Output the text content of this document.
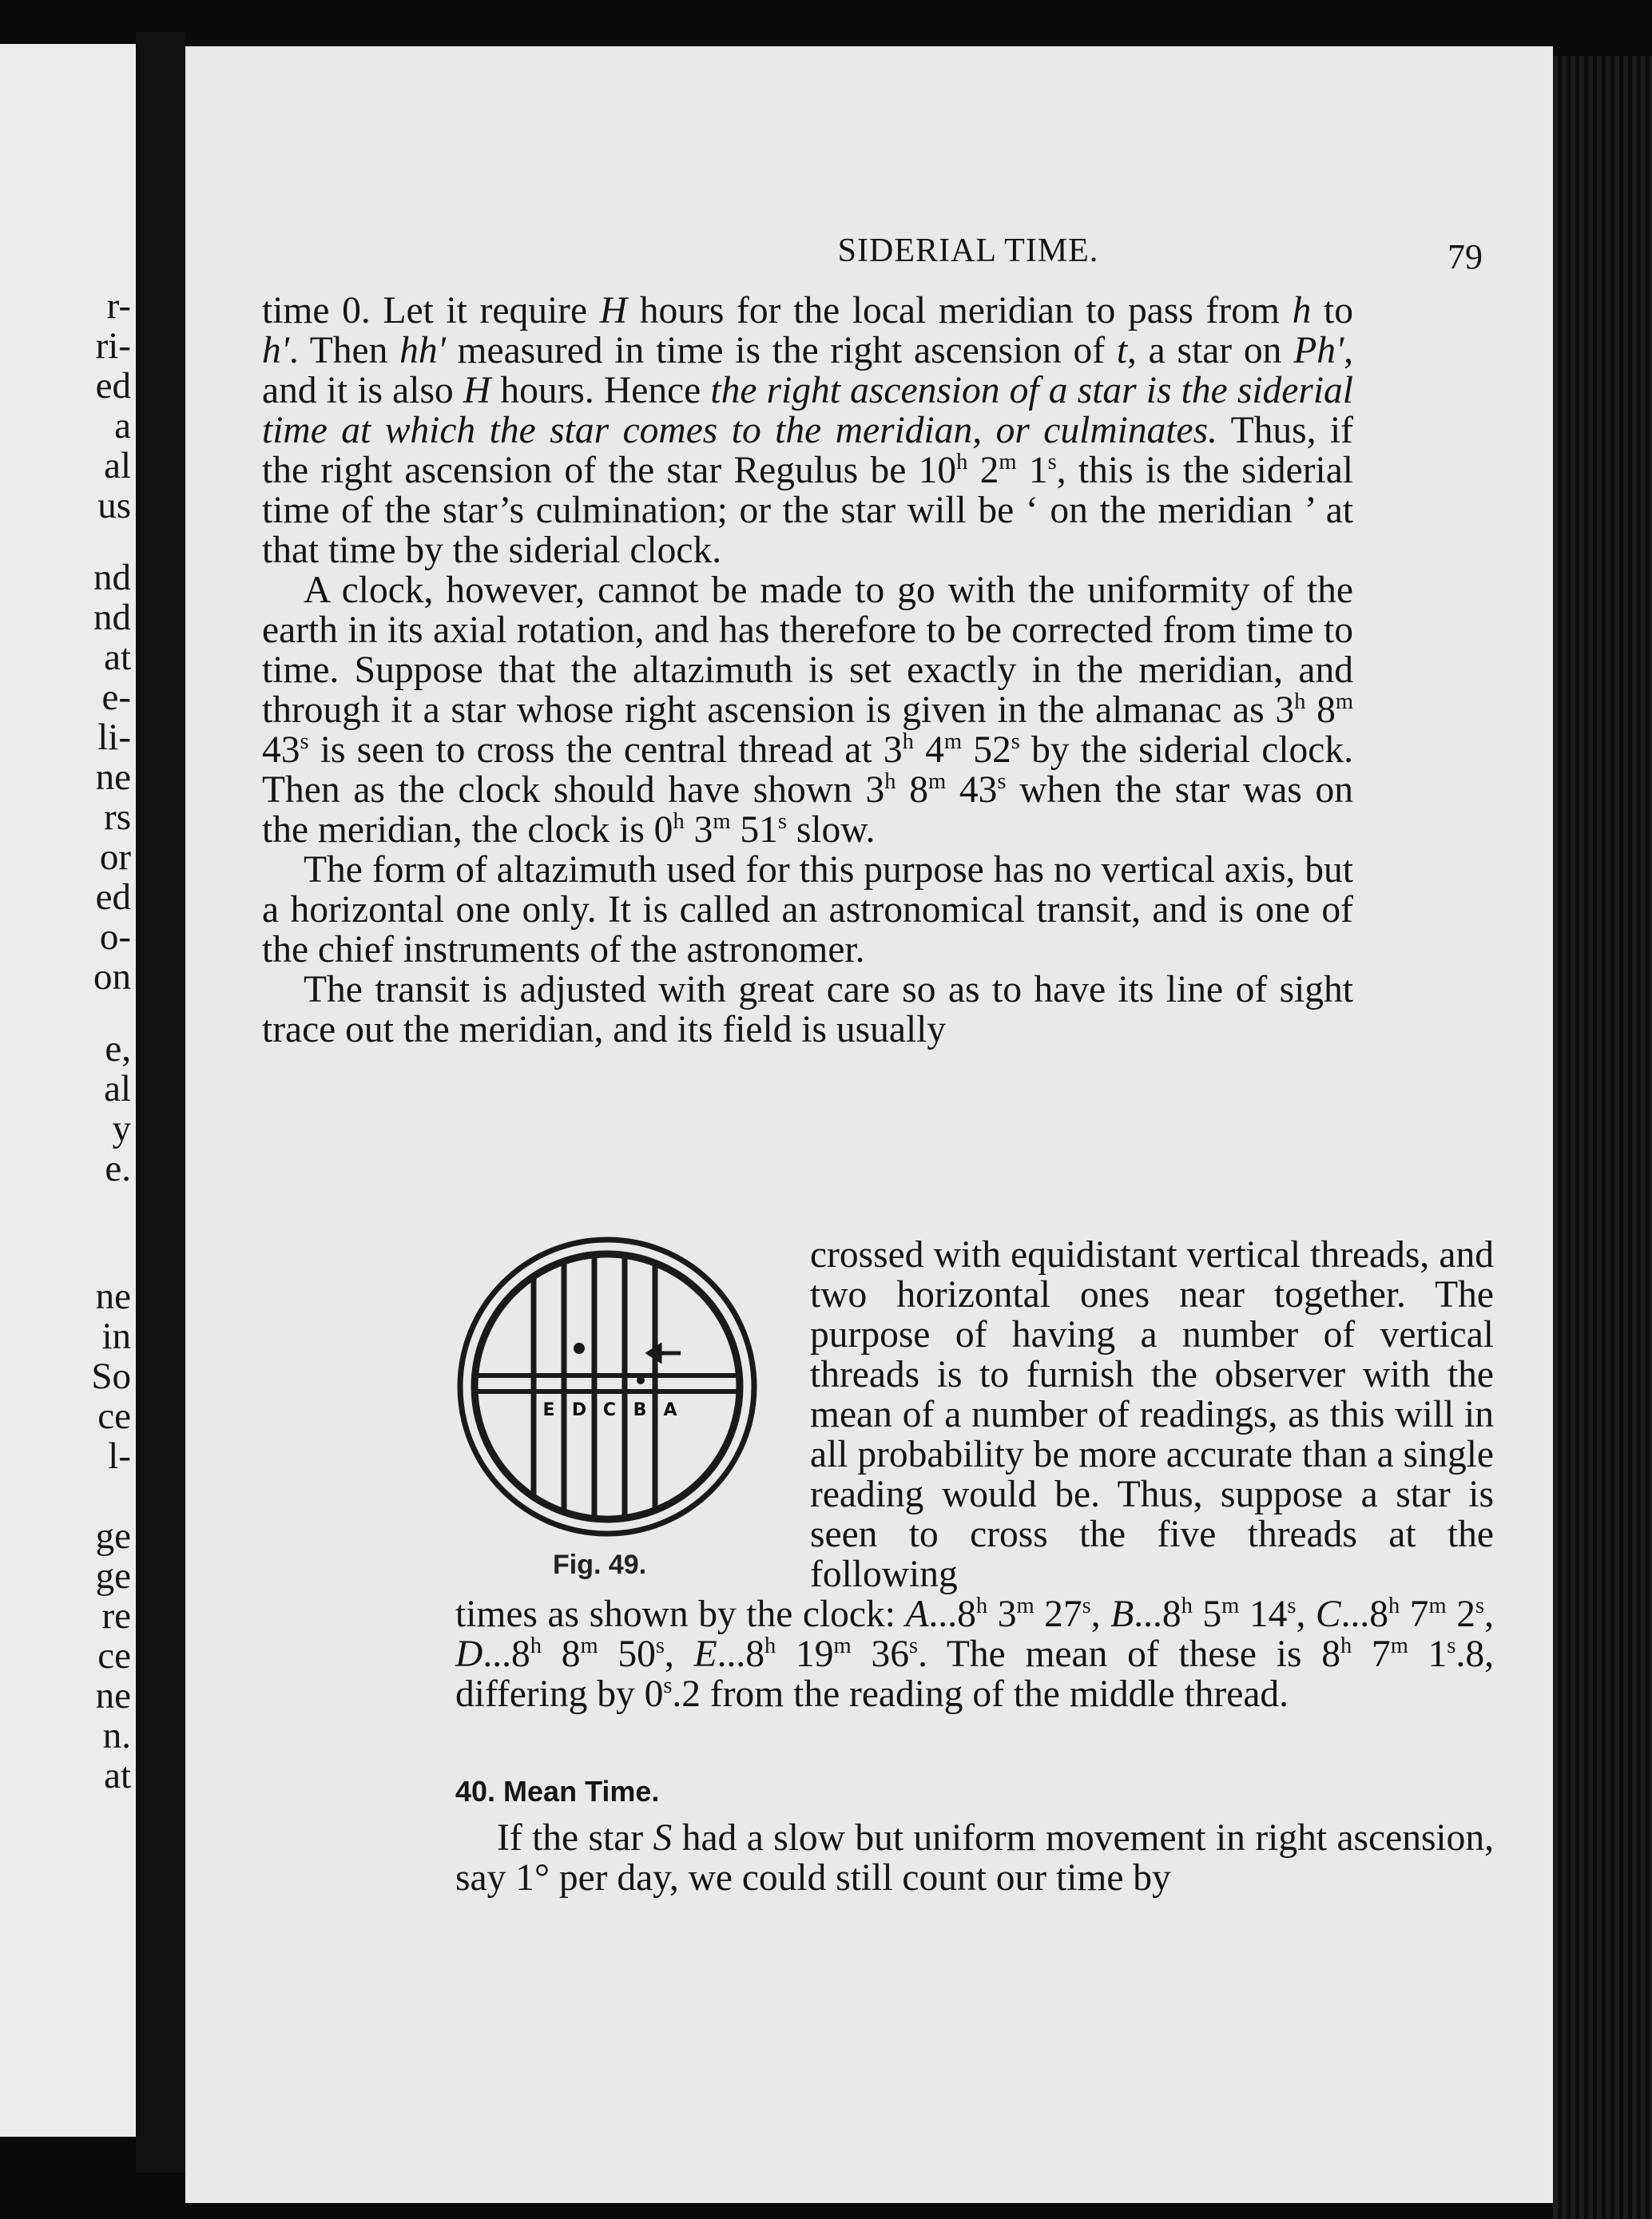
r-
ri-
ed
a
al
us
nd
nd
at
e-
li-
ne
rs
or
ed
o-
on
e,
al
y
e.
ne
in
So
ce
l-
ge
ge
re
ce
ne
n.
at
SIDERIAL TIME.	79

time 0. Let it require H hours for the local meridian to pass from h to h'. Then hh' measured in time is the right ascension of t, a star on Ph', and it is also H hours. Hence the right ascension of a star is the siderial time at which the star comes to the meridian, or culminates. Thus, if the right ascension of the star Regulus be 10$^h$ 2$^m$ 1$^s$, this is the siderial time of the star’s culmination; or the star will be ‘ on the meridian ’ at that time by the siderial clock.

A clock, however, cannot be made to go with the uniformity of the earth in its axial rotation, and has therefore to be corrected from time to time. Suppose that the altazimuth is set exactly in the meridian, and through it a star whose right ascension is given in the almanac as 3$^h$ 8$^m$ 43$^s$ is seen to cross the central thread at 3$^h$ 4$^m$ 52$^s$ by the siderial clock. Then as the clock should have shown 3$^h$ 8$^m$ 43$^s$ when the star was on the meridian, the clock is 0$^h$ 3$^m$ 51$^s$ slow.

The form of altazimuth used for this purpose has no vertical axis, but a horizontal one only. It is called an astronomical transit, and is one of the chief instruments of the astronomer.

The transit is adjusted with great care so as to have its line of sight trace out the meridian, and its field is usually

E D C B A
Fig. 49.
crossed with equidistant vertical threads, and two horizontal ones near together. The purpose of having a number of vertical threads is to furnish the observer with the mean of a number of readings, as this will in all probability be more accurate than a single reading would be. Thus, suppose a star is seen to cross the five threads at the following
times as shown by the clock: A...8$^h$ 3$^m$ 27$^s$, B...8$^h$ 5$^m$ 14$^s$, C...8$^h$ 7$^m$ 2$^s$, D...8$^h$ 8$^m$ 50$^s$, E...8$^h$ 19$^m$ 36$^s$. The mean of these is 8$^h$ 7$^m$ 1$^s$.8, differing by 0$^s$.2 from the reading of the middle thread.
40. Mean Time.
If the star S had a slow but uniform movement in right ascension, say 1° per day, we could still count our time by
